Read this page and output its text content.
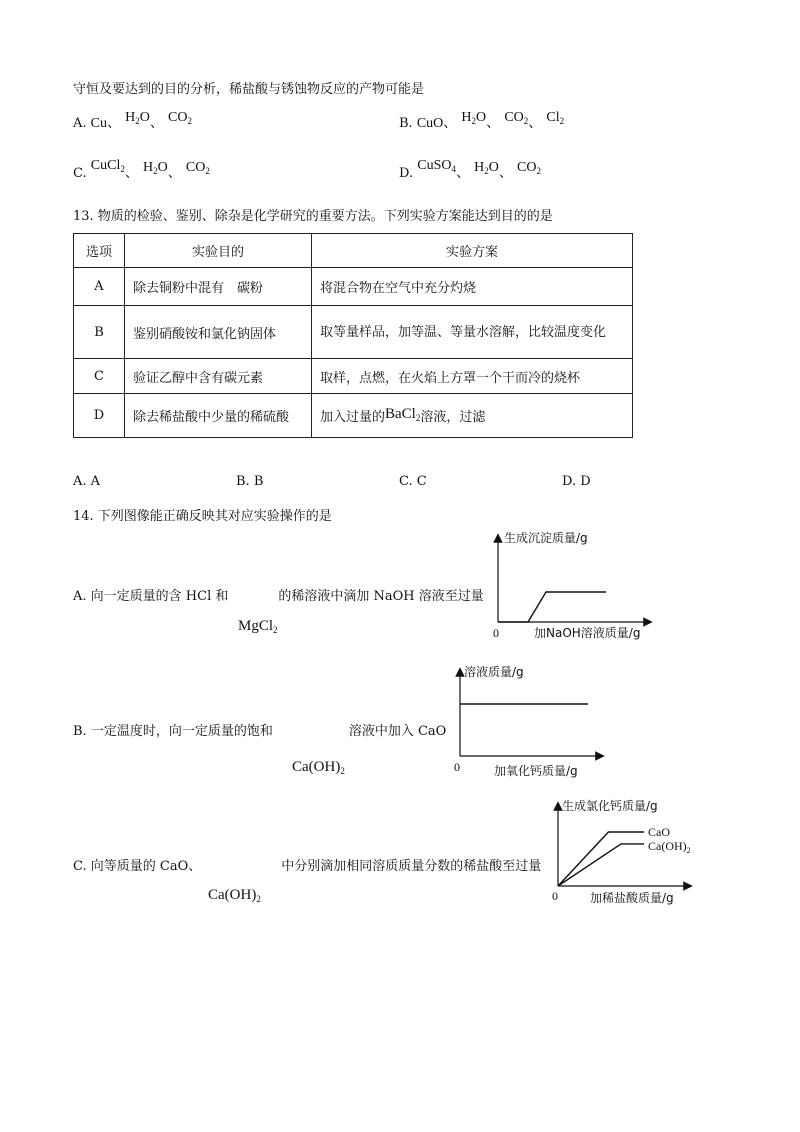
守恒及要达到的目的分析，稀盐酸与锈蚀物反应的产物可能是
A. Cu、 $H_2O$、 $CO_2$	B. CuO、 $H_2O$、 $CO_2$、 $Cl_2$
C. CuCl$_2$、 $H_2O$、 $CO_2$	D. CuSO$_4$、 $H_2O$、 $CO_2$
13. 物质的检验、鉴别、除杂是化学研究的重要方法。下列实验方案能达到目的的是
选项	实验目的	实验方案
A	除去铜粉中混有　碳粉	将混合物在空气中充分灼烧
B	鉴别硝酸铵和氯化钠固体	取等量样品，加等温、等量水溶解，比较温度变化
C	验证乙醇中含有碳元素	取样，点燃，在火焰上方罩一个干而冷的烧杯
D	除去稀盐酸中少量的稀硫酸	加入过量的BaCl$_2$溶液，过滤
A. A	B. B	C. C	D. D
14. 下列图像能正确反映其对应实验操作的是
A. 向一定质量的含 HCl 和	的稀溶液中滴加 NaOH 溶液至过量
MgCl$_2$
B. 一定温度时，向一定质量的饱和	溶液中加入 CaO
$Ca(OH)_2$
C. 向等质量的 CaO、	中分别滴加相同溶质质量分数的稀盐酸至过量
$Ca(OH)_2$
生成沉淀质量/g
加NaOH溶液质量/g
0
溶液质量/g
加氧化钙质量/g
0
生成氯化钙质量/g
加稀盐酸质量/g
0
CaO
$Ca(OH)_2$
